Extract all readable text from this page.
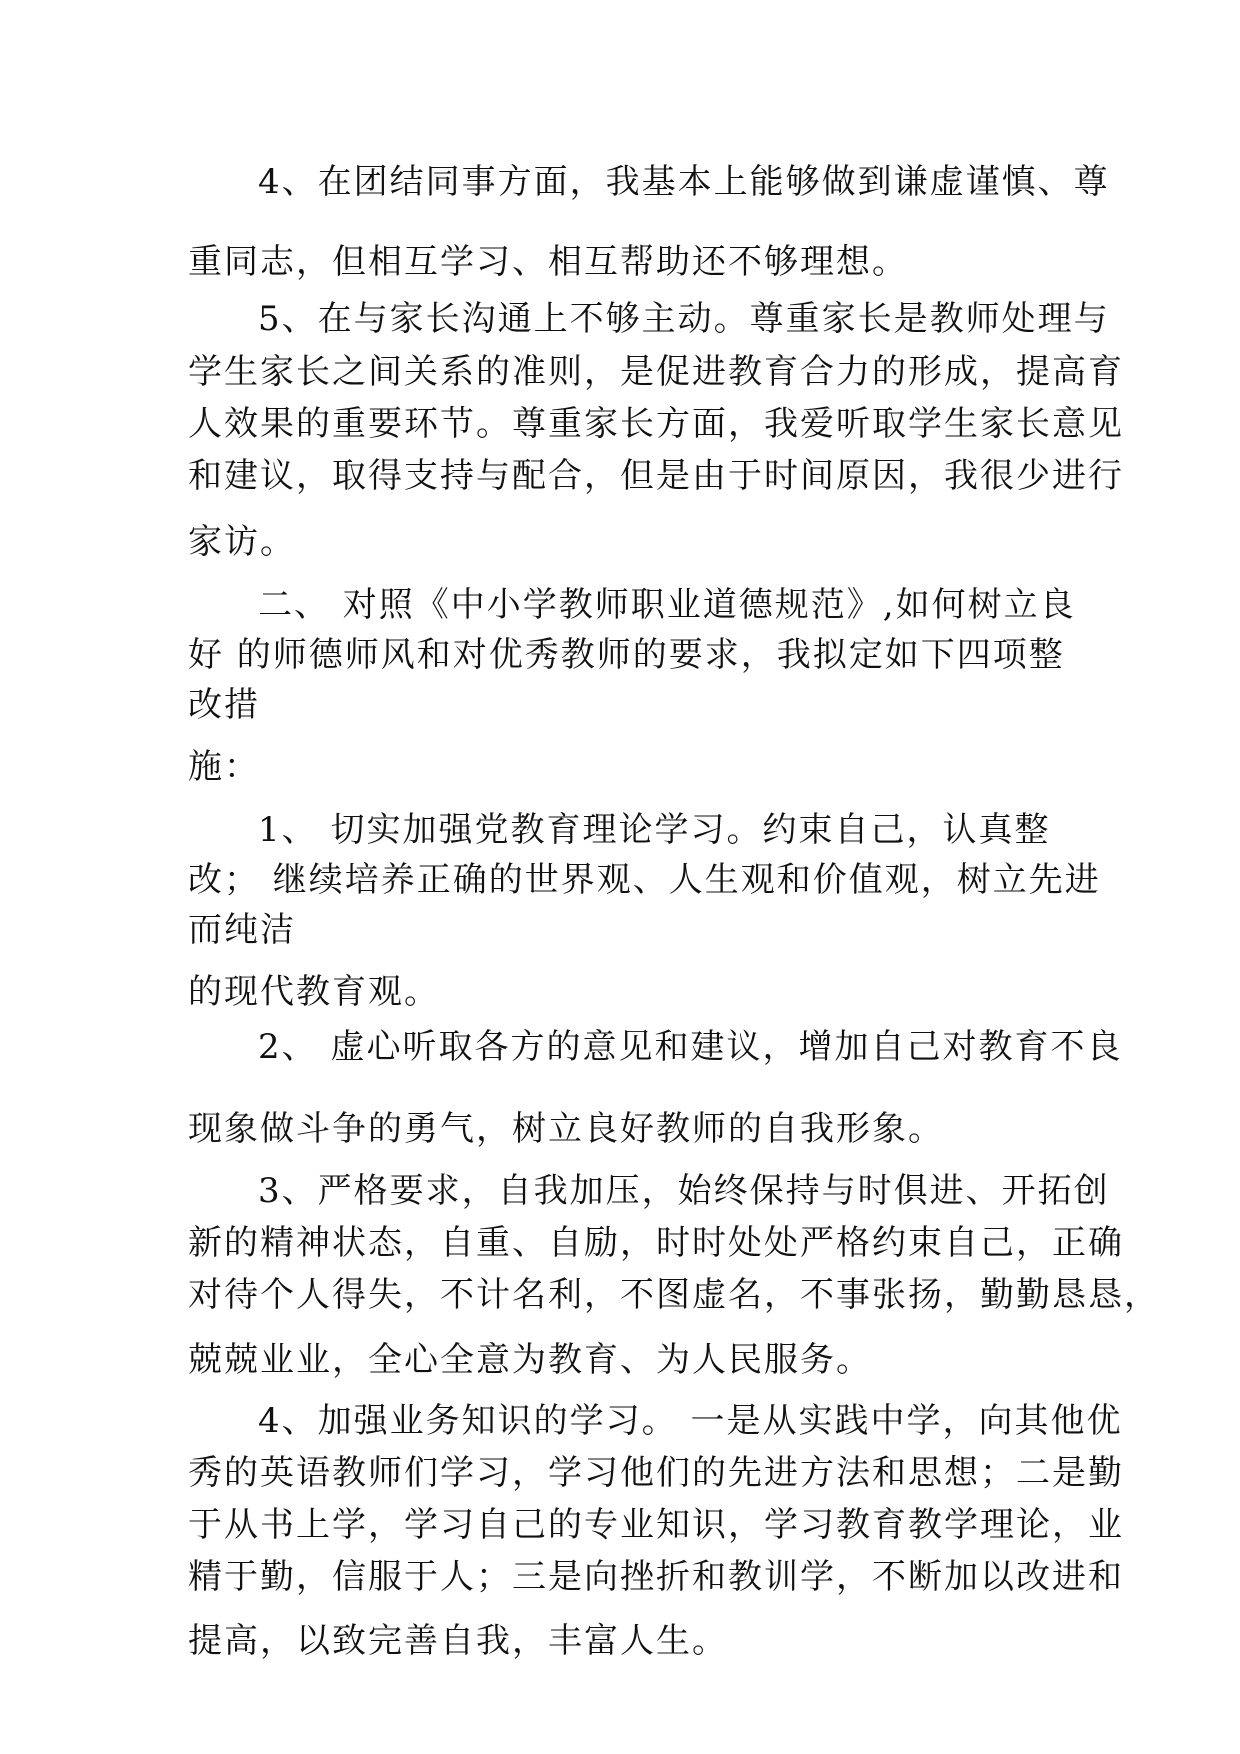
4、在团结同事方面，我基本上能够做到谦虚谨慎、尊

重同志，但相互学习、相互帮助还不够理想。

5、在与家长沟通上不够主动。尊重家长是教师处理与

学生家长之间关系的准则，是促进教育合力的形成，提高育

人效果的重要环节。尊重家长方面，我爱听取学生家长意见

和建议，取得支持与配合，但是由于时间原因，我很少进行

家访。

二、 对照《中小学教师职业道德规范》,如何树立良

好 的师德师风和对优秀教师的要求，我拟定如下四项整

改措

施：

1、 切实加强党教育理论学习。约束自己，认真整

改； 继续培养正确的世界观、人生观和价值观，树立先进

而纯洁

的现代教育观。

2、 虚心听取各方的意见和建议，增加自己对教育不良

现象做斗争的勇气，树立良好教师的自我形象。

3、严格要求，自我加压，始终保持与时俱进、开拓创

新的精神状态，自重、自励，时时处处严格约束自己，正确

对待个人得失，不计名利，不图虚名，不事张扬，勤勤恳恳，

兢兢业业，全心全意为教育、为人民服务。

4、加强业务知识的学习。 一是从实践中学，向其他优

秀的英语教师们学习，学习他们的先进方法和思想；二是勤

于从书上学，学习自己的专业知识，学习教育教学理论，业

精于勤，信服于人；三是向挫折和教训学，不断加以改进和

提高，以致完善自我，丰富人生。
